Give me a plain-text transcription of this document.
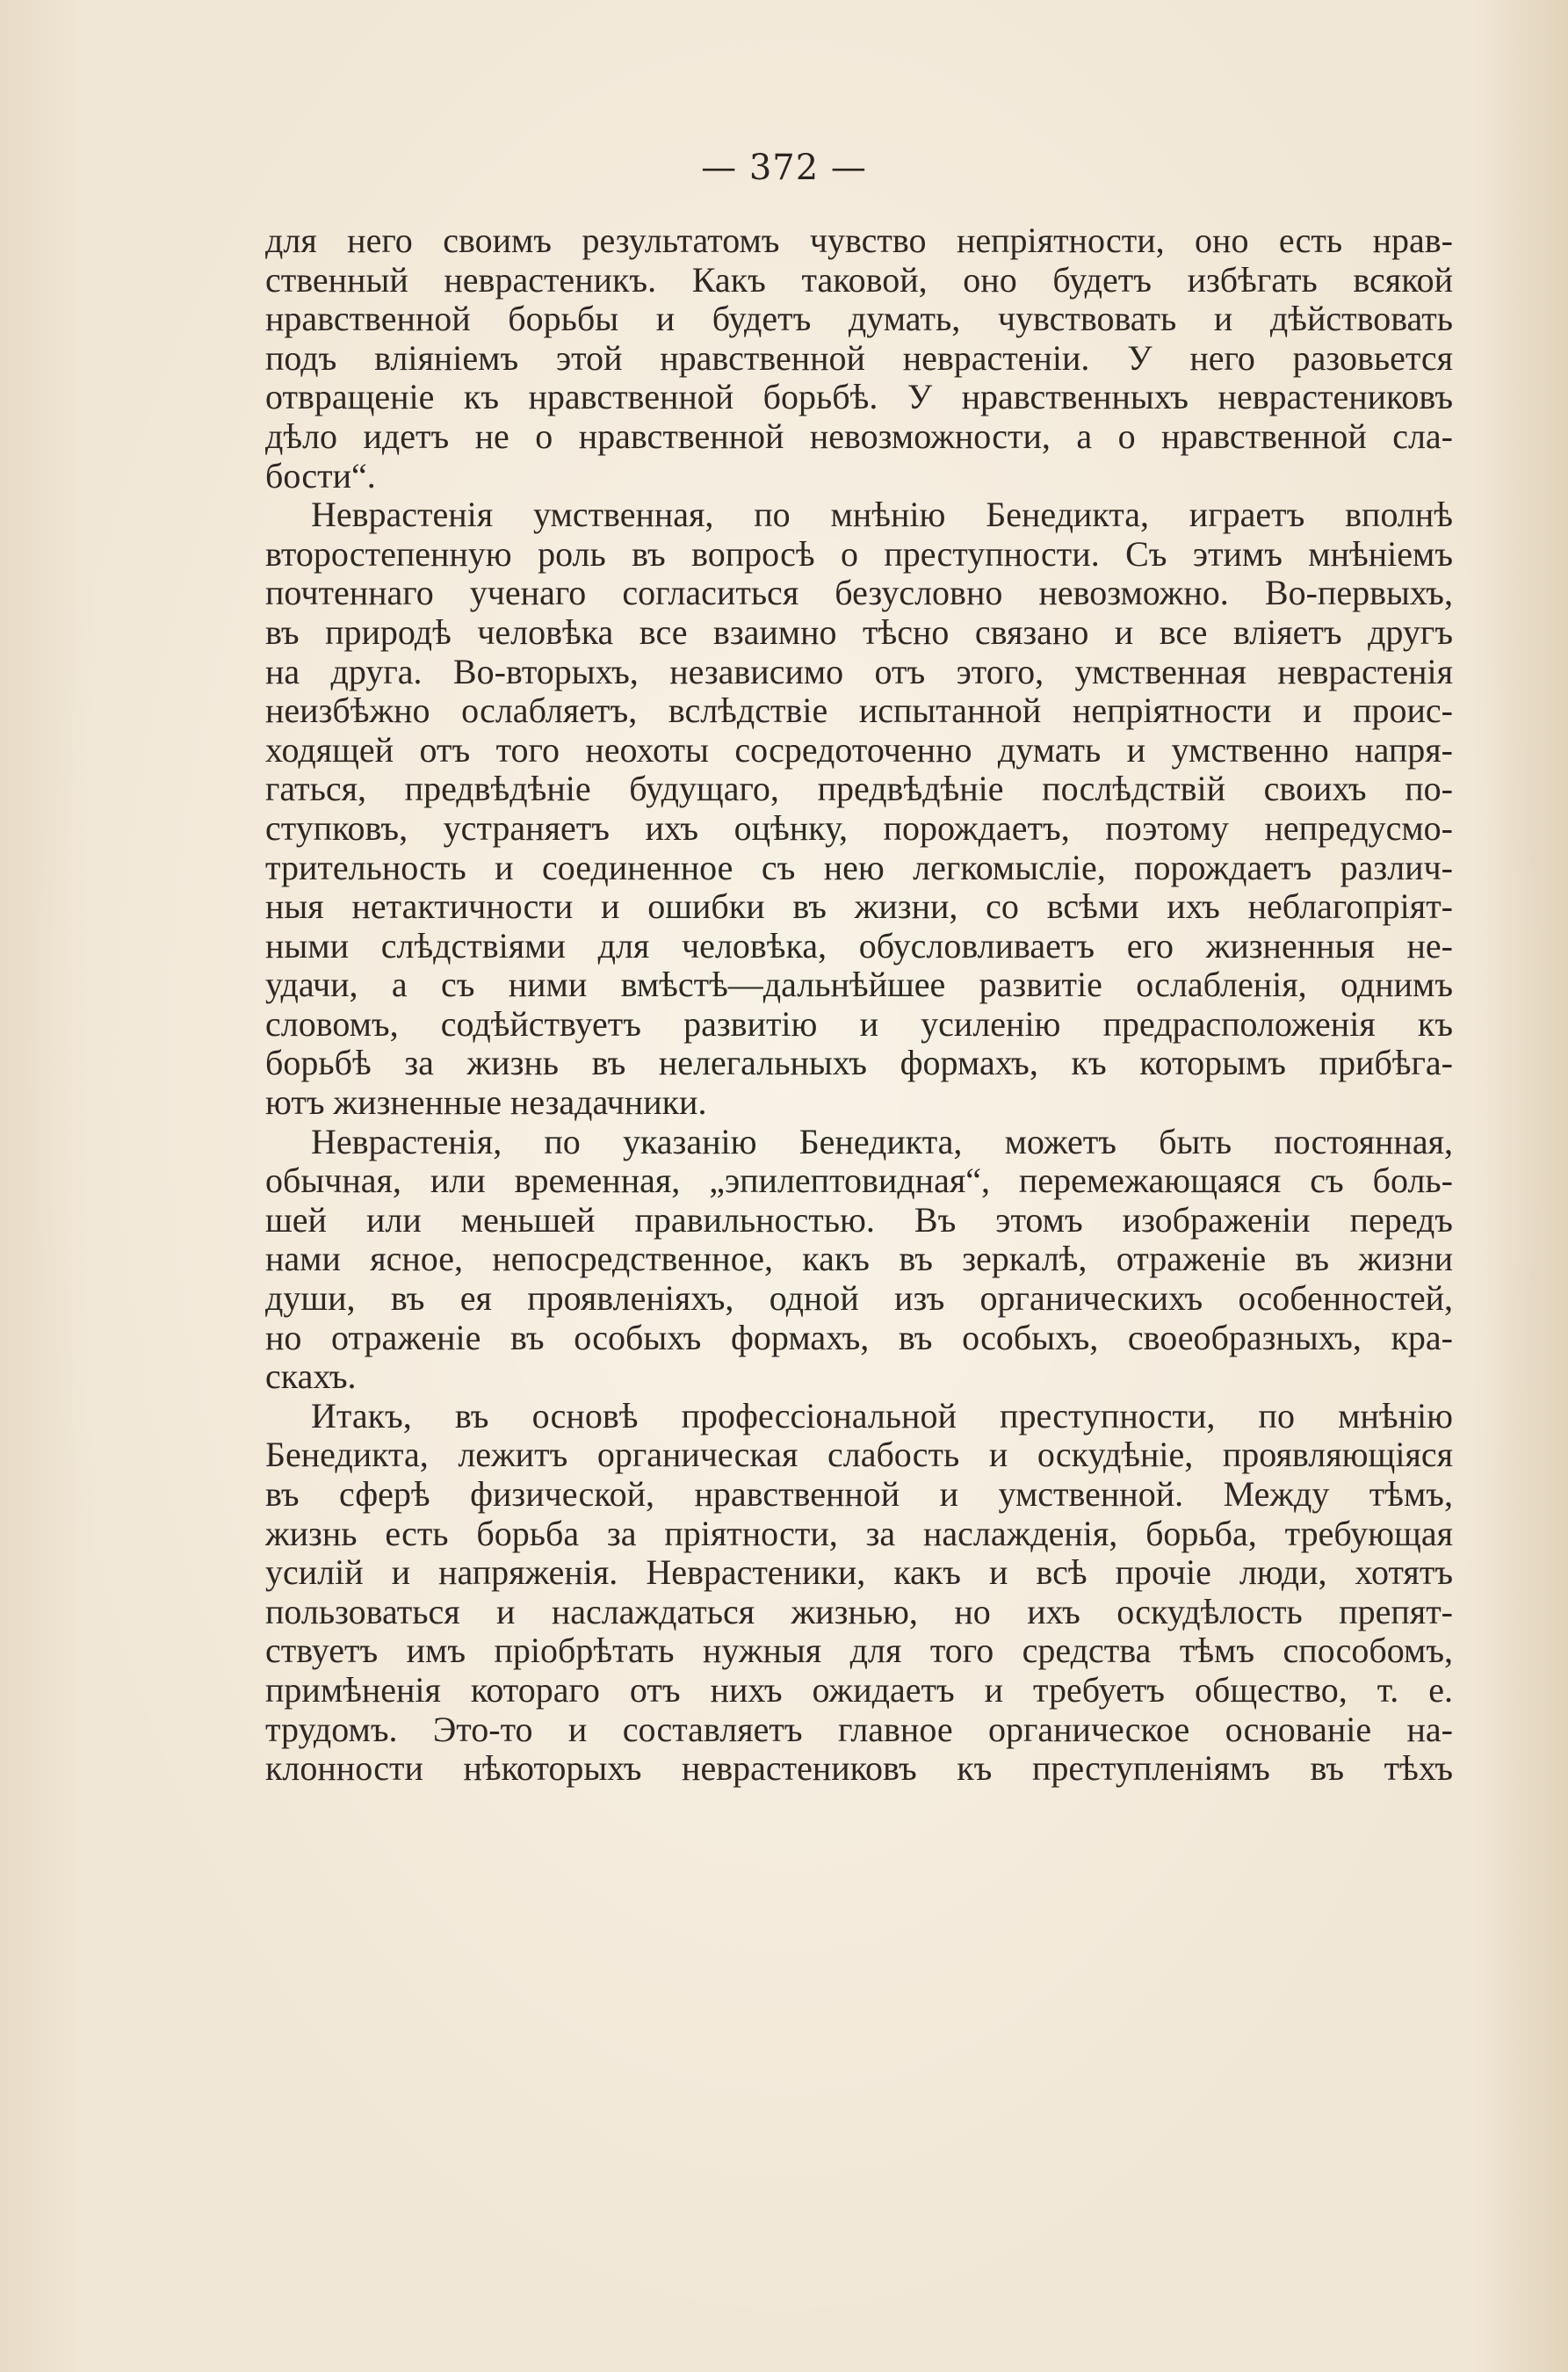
— 372 —
для него своимъ результатомъ чувство непріятности, оно есть нрав-
ственный неврастеникъ. Какъ таковой, оно будетъ избѣгать всякой
нравственной борьбы и будетъ думать, чувствовать и дѣйствовать
подъ вліяніемъ этой нравственной неврастеніи. У него разовьется
отвращеніе къ нравственной борьбѣ. У нравственныхъ неврастениковъ
дѣло идетъ не о нравственной невозможности, а о нравственной сла-
бости“.
Неврастенія умственная, по мнѣнію Бенедикта, играетъ вполнѣ
второстепенную роль въ вопросѣ о преступности. Съ этимъ мнѣніемъ
почтеннаго ученаго согласиться безусловно невозможно. Во-первыхъ,
въ природѣ человѣка все взаимно тѣсно связано и все вліяетъ другъ
на друга. Во-вторыхъ, независимо отъ этого, умственная неврастенія
неизбѣжно ослабляетъ, вслѣдствіе испытанной непріятности и проис-
ходящей отъ того неохоты сосредоточенно думать и умственно напря-
гаться, предвѣдѣніе будущаго, предвѣдѣніе послѣдствій своихъ по-
ступковъ, устраняетъ ихъ оцѣнку, порождаетъ, поэтому непредусмо-
трительность и соединенное съ нею легкомысліе, порождаетъ различ-
ныя нетактичности и ошибки въ жизни, со всѣми ихъ неблагопріят-
ными слѣдствіями для человѣка, обусловливаетъ его жизненныя не-
удачи, а съ ними вмѣстѣ—дальнѣйшее развитіе ослабленія, однимъ
словомъ, содѣйствуетъ развитію и усиленію предрасположенія къ
борьбѣ за жизнь въ нелегальныхъ формахъ, къ которымъ прибѣга-
ютъ жизненные незадачники.
Неврастенія, по указанію Бенедикта, можетъ быть постоянная,
обычная, или временная, „эпилептовидная“, перемежающаяся съ боль-
шей или меньшей правильностью. Въ этомъ изображеніи передъ
нами ясное, непосредственное, какъ въ зеркалѣ, отраженіе въ жизни
души, въ ея проявленіяхъ, одной изъ органическихъ особенностей,
но отраженіе въ особыхъ формахъ, въ особыхъ, своеобразныхъ, кра-
скахъ.
Итакъ, въ основѣ профессіональной преступности, по мнѣнію
Бенедикта, лежитъ органическая слабость и оскудѣніе, проявляющіяся
въ сферѣ физической, нравственной и умственной. Между тѣмъ,
жизнь есть борьба за пріятности, за наслажденія, борьба, требующая
усилій и напряженія. Неврастеники, какъ и всѣ прочіе люди, хотятъ
пользоваться и наслаждаться жизнью, но ихъ оскудѣлость препят-
ствуетъ имъ пріобрѣтать нужныя для того средства тѣмъ способомъ,
примѣненія котораго отъ нихъ ожидаетъ и требуетъ общество, т. е.
трудомъ. Это-то и составляетъ главное органическое основаніе на-
клонности нѣкоторыхъ неврастениковъ къ преступленіямъ въ тѣхъ
